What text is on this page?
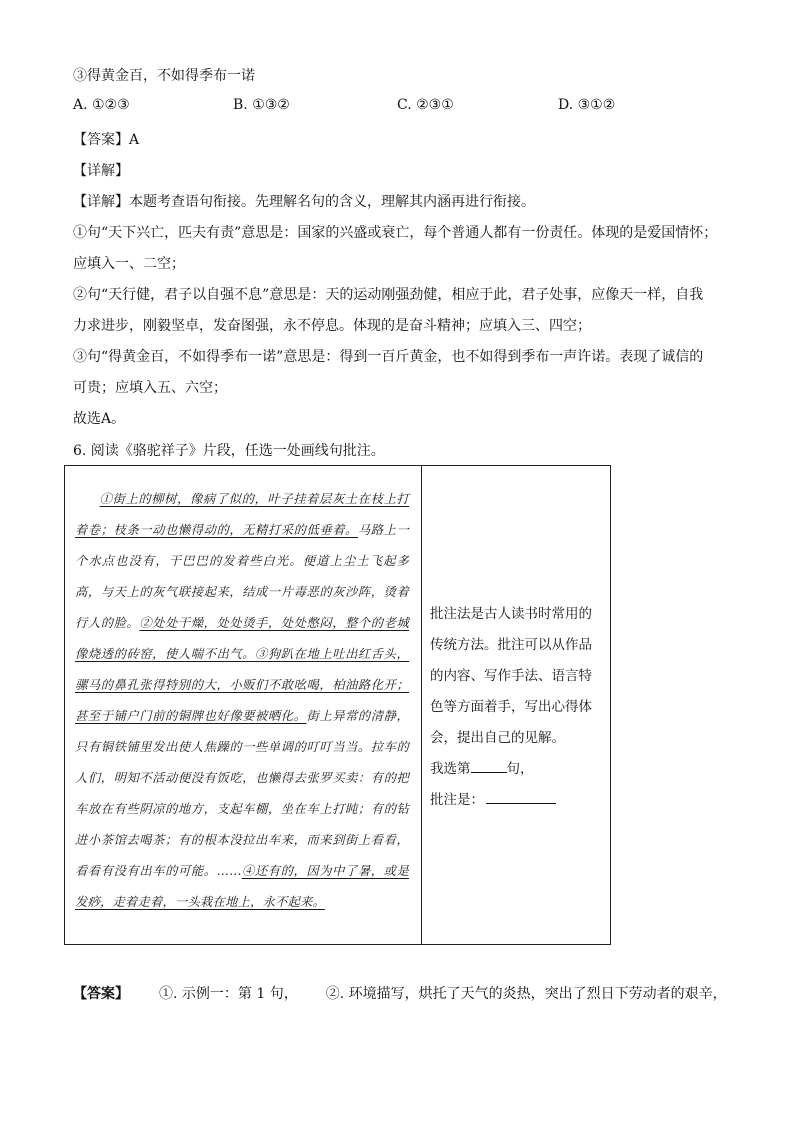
③得黄金百，不如得季布一诺
A. ①②③	B. ①③②	C. ②③①	D. ③①②
【答案】A
【详解】
【详解】本题考查语句衔接。先理解名句的含义，理解其内涵再进行衔接。
①句“天下兴亡，匹夫有责”意思是：国家的兴盛或衰亡，每个普通人都有一份责任。体现的是爱国情怀；
应填入一、二空；
②句“天行健，君子以自强不息”意思是：天的运动刚强劲健，相应于此，君子处事，应像天一样，自我
力求进步，刚毅坚卓，发奋图强，永不停息。体现的是奋斗精神；应填入三、四空；
③句“得黄金百，不如得季布一诺”意思是：得到一百斤黄金，也不如得到季布一声许诺。表现了诚信的
可贵；应填入五、六空；
故选A。
6. 阅读《骆驼祥子》片段，任选一处画线句批注。
①街上的柳树，像病了似的，叶子挂着层灰土在枝上打着卷；枝条一动也懒得动的，无精打采的低垂着。马路上一个水点也没有，干巴巴的发着些白光。便道上尘土飞起多高，与天上的灰气联接起来，结成一片毒恶的灰沙阵，烫着行人的脸。②处处干燥，处处烫手，处处憋闷，整个的老城像烧透的砖窑，使人喘不出气。③狗趴在地上吐出红舌头，骡马的鼻孔张得特别的大，小贩们不敢吆喝，柏油路化开；甚至于铺户门前的铜牌也好像要被晒化。街上异常的清静，只有铜铁铺里发出使人焦躁的一些单调的叮叮当当。拉车的人们，明知不活动便没有饭吃，也懒得去张罗买卖：有的把车放在有些阴凉的地方，支起车棚，坐在车上打盹；有的钻进小茶馆去喝茶；有的根本没拉出车来，而来到街上看看，看看有没有出车的可能。……④还有的，因为中了暑，或是发痧，走着走着，一头栽在地上，永不起来。

批注法是古人读书时常用的传统方法。批注可以从作品的内容、写作手法、语言特色等方面着手，写出心得体会，提出自己的见解。
我选第	句，
批注是：
【答案】 ①. 示例一：第 1 句， ②. 环境描写，烘托了天气的炎热，突出了烈日下劳动者的艰辛，
